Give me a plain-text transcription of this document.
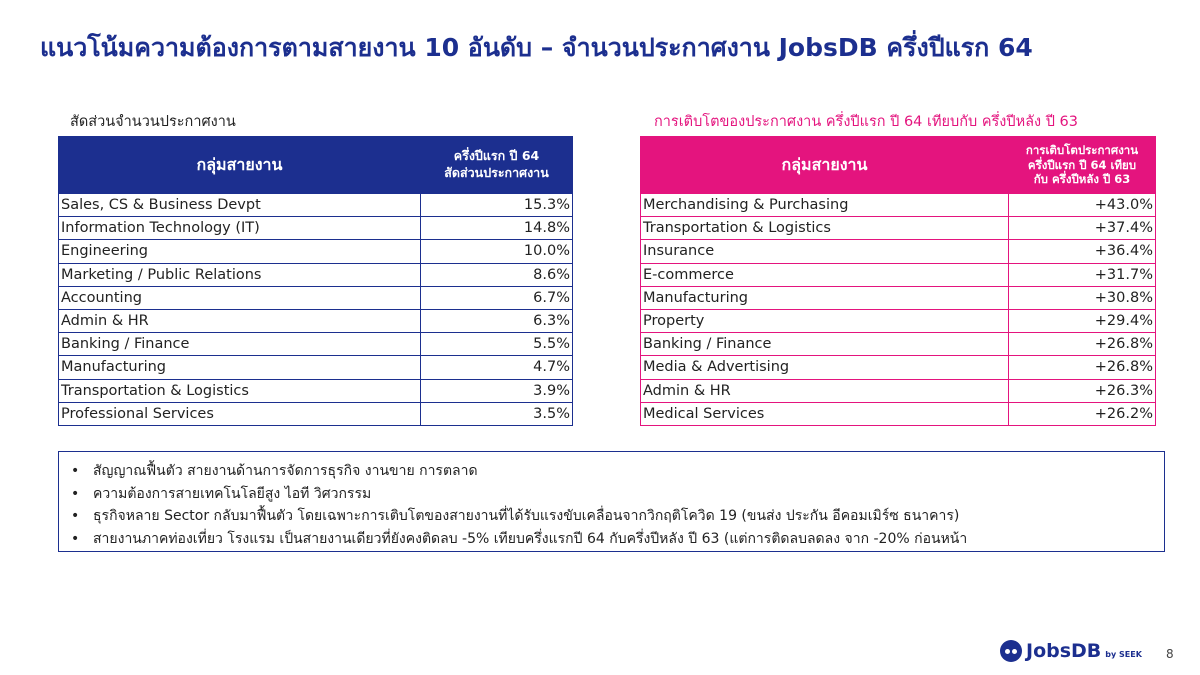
แนวโน้มความต้องการตามสายงาน 10 อันดับ – จำนวนประกาศงาน JobsDB ครึ่งปีแรก 64
สัดส่วนจำนวนประกาศงาน	การเติบโตของประกาศงาน ครึ่งปีแรก ปี 64 เทียบกับ ครึ่งปีหลัง ปี 63
กลุ่มสายงาน	ครึ่งปีแรก ปี 64
สัดส่วนประกาศงาน

Sales, CS & Business Devpt	15.3%
Information Technology (IT)	14.8%
Engineering	10.0%
Marketing / Public Relations	8.6%
Accounting	6.7%
Admin & HR	6.3%
Banking / Finance	5.5%
Manufacturing	4.7%
Transportation & Logistics	3.9%
Professional Services	3.5%
กลุ่มสายงาน	การเติบโตประกาศงาน
ครึ่งปีแรก ปี 64 เทียบ
กับ ครึ่งปีหลัง ปี 63

Merchandising & Purchasing	+43.0%
Transportation & Logistics	+37.4%
Insurance	+36.4%
E-commerce	+31.7%
Manufacturing	+30.8%
Property	+29.4%
Banking / Finance	+26.8%
Media & Advertising	+26.8%
Admin & HR	+26.3%
Medical Services	+26.2%
• สัญญาณฟื้นตัว สายงานด้านการจัดการธุรกิจ งานขาย การตลาด
• ความต้องการสายเทคโนโลยีสูง ไอที วิศวกรรม
• ธุรกิจหลาย Sector กลับมาฟื้นตัว โดยเฉพาะการเติบโตของสายงานที่ได้รับแรงขับเคลื่อนจากวิกฤติโควิด 19 (ขนส่ง ประกัน อีคอมเมิร์ซ ธนาคาร)
• สายงานภาคท่องเที่ยว โรงแรม เป็นสายงานเดียวที่ยังคงติดลบ -5% เทียบครึ่งแรกปี 64 กับครึ่งปีหลัง ปี 63 (แต่การติดลบลดลง จาก -20% ก่อนหน้า
JobsDB by SEEK 8
